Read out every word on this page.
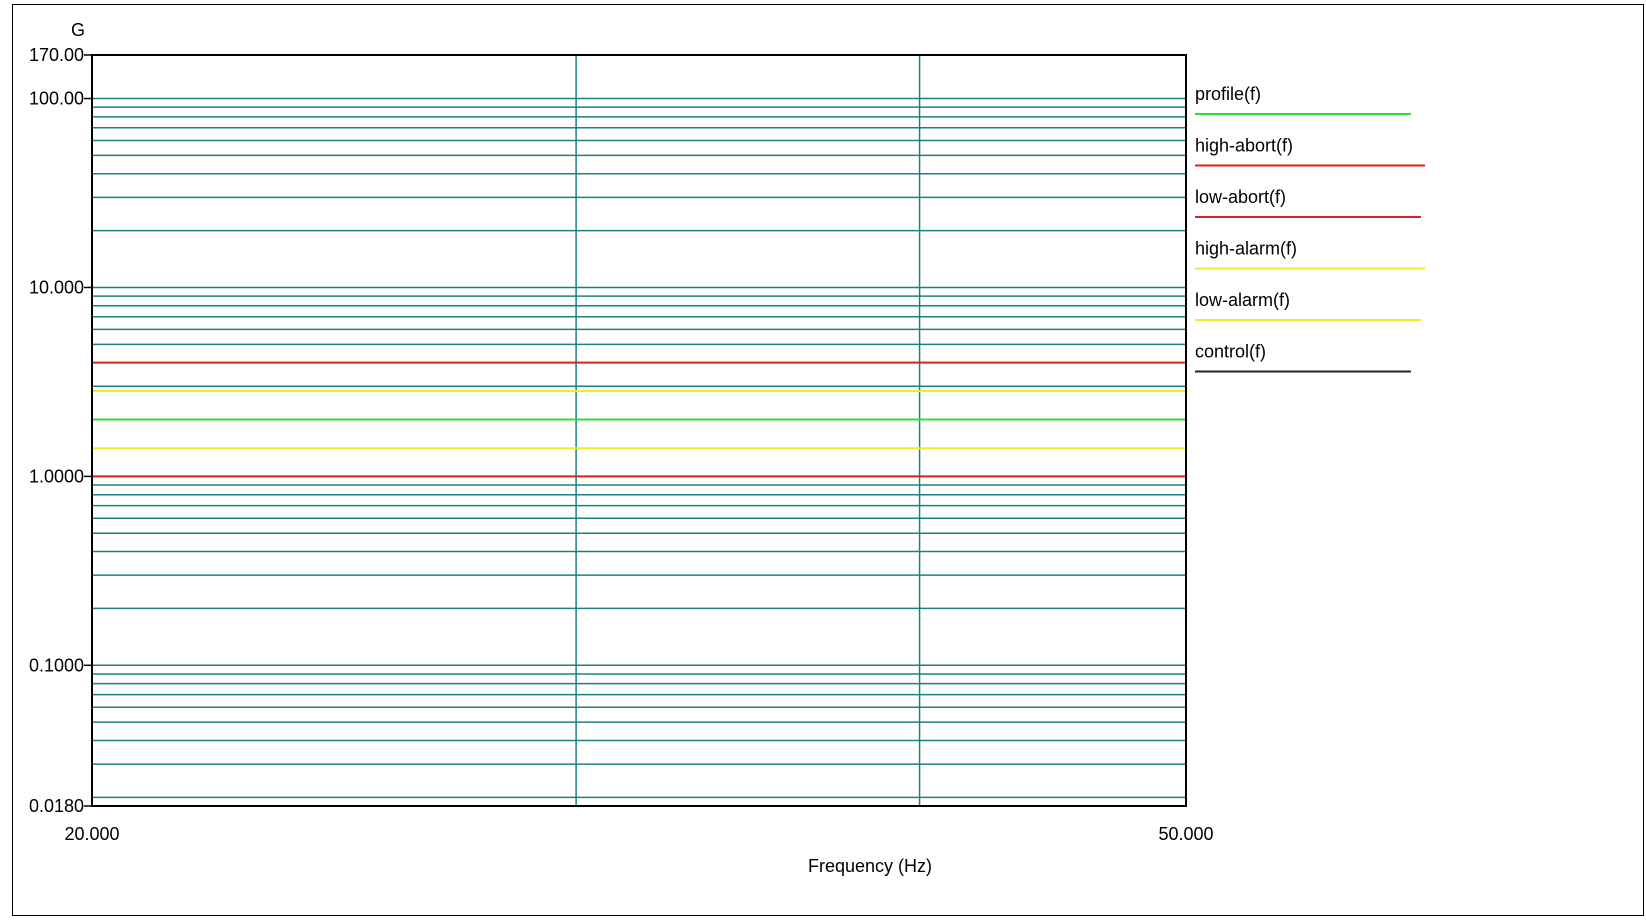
170.00
100.00
10.000
1.0000
0.1000
0.0180
20.000	50.000
G
Frequency (Hz)
profile(f)
high-abort(f)
low-abort(f)
high-alarm(f)
low-alarm(f)
control(f)
